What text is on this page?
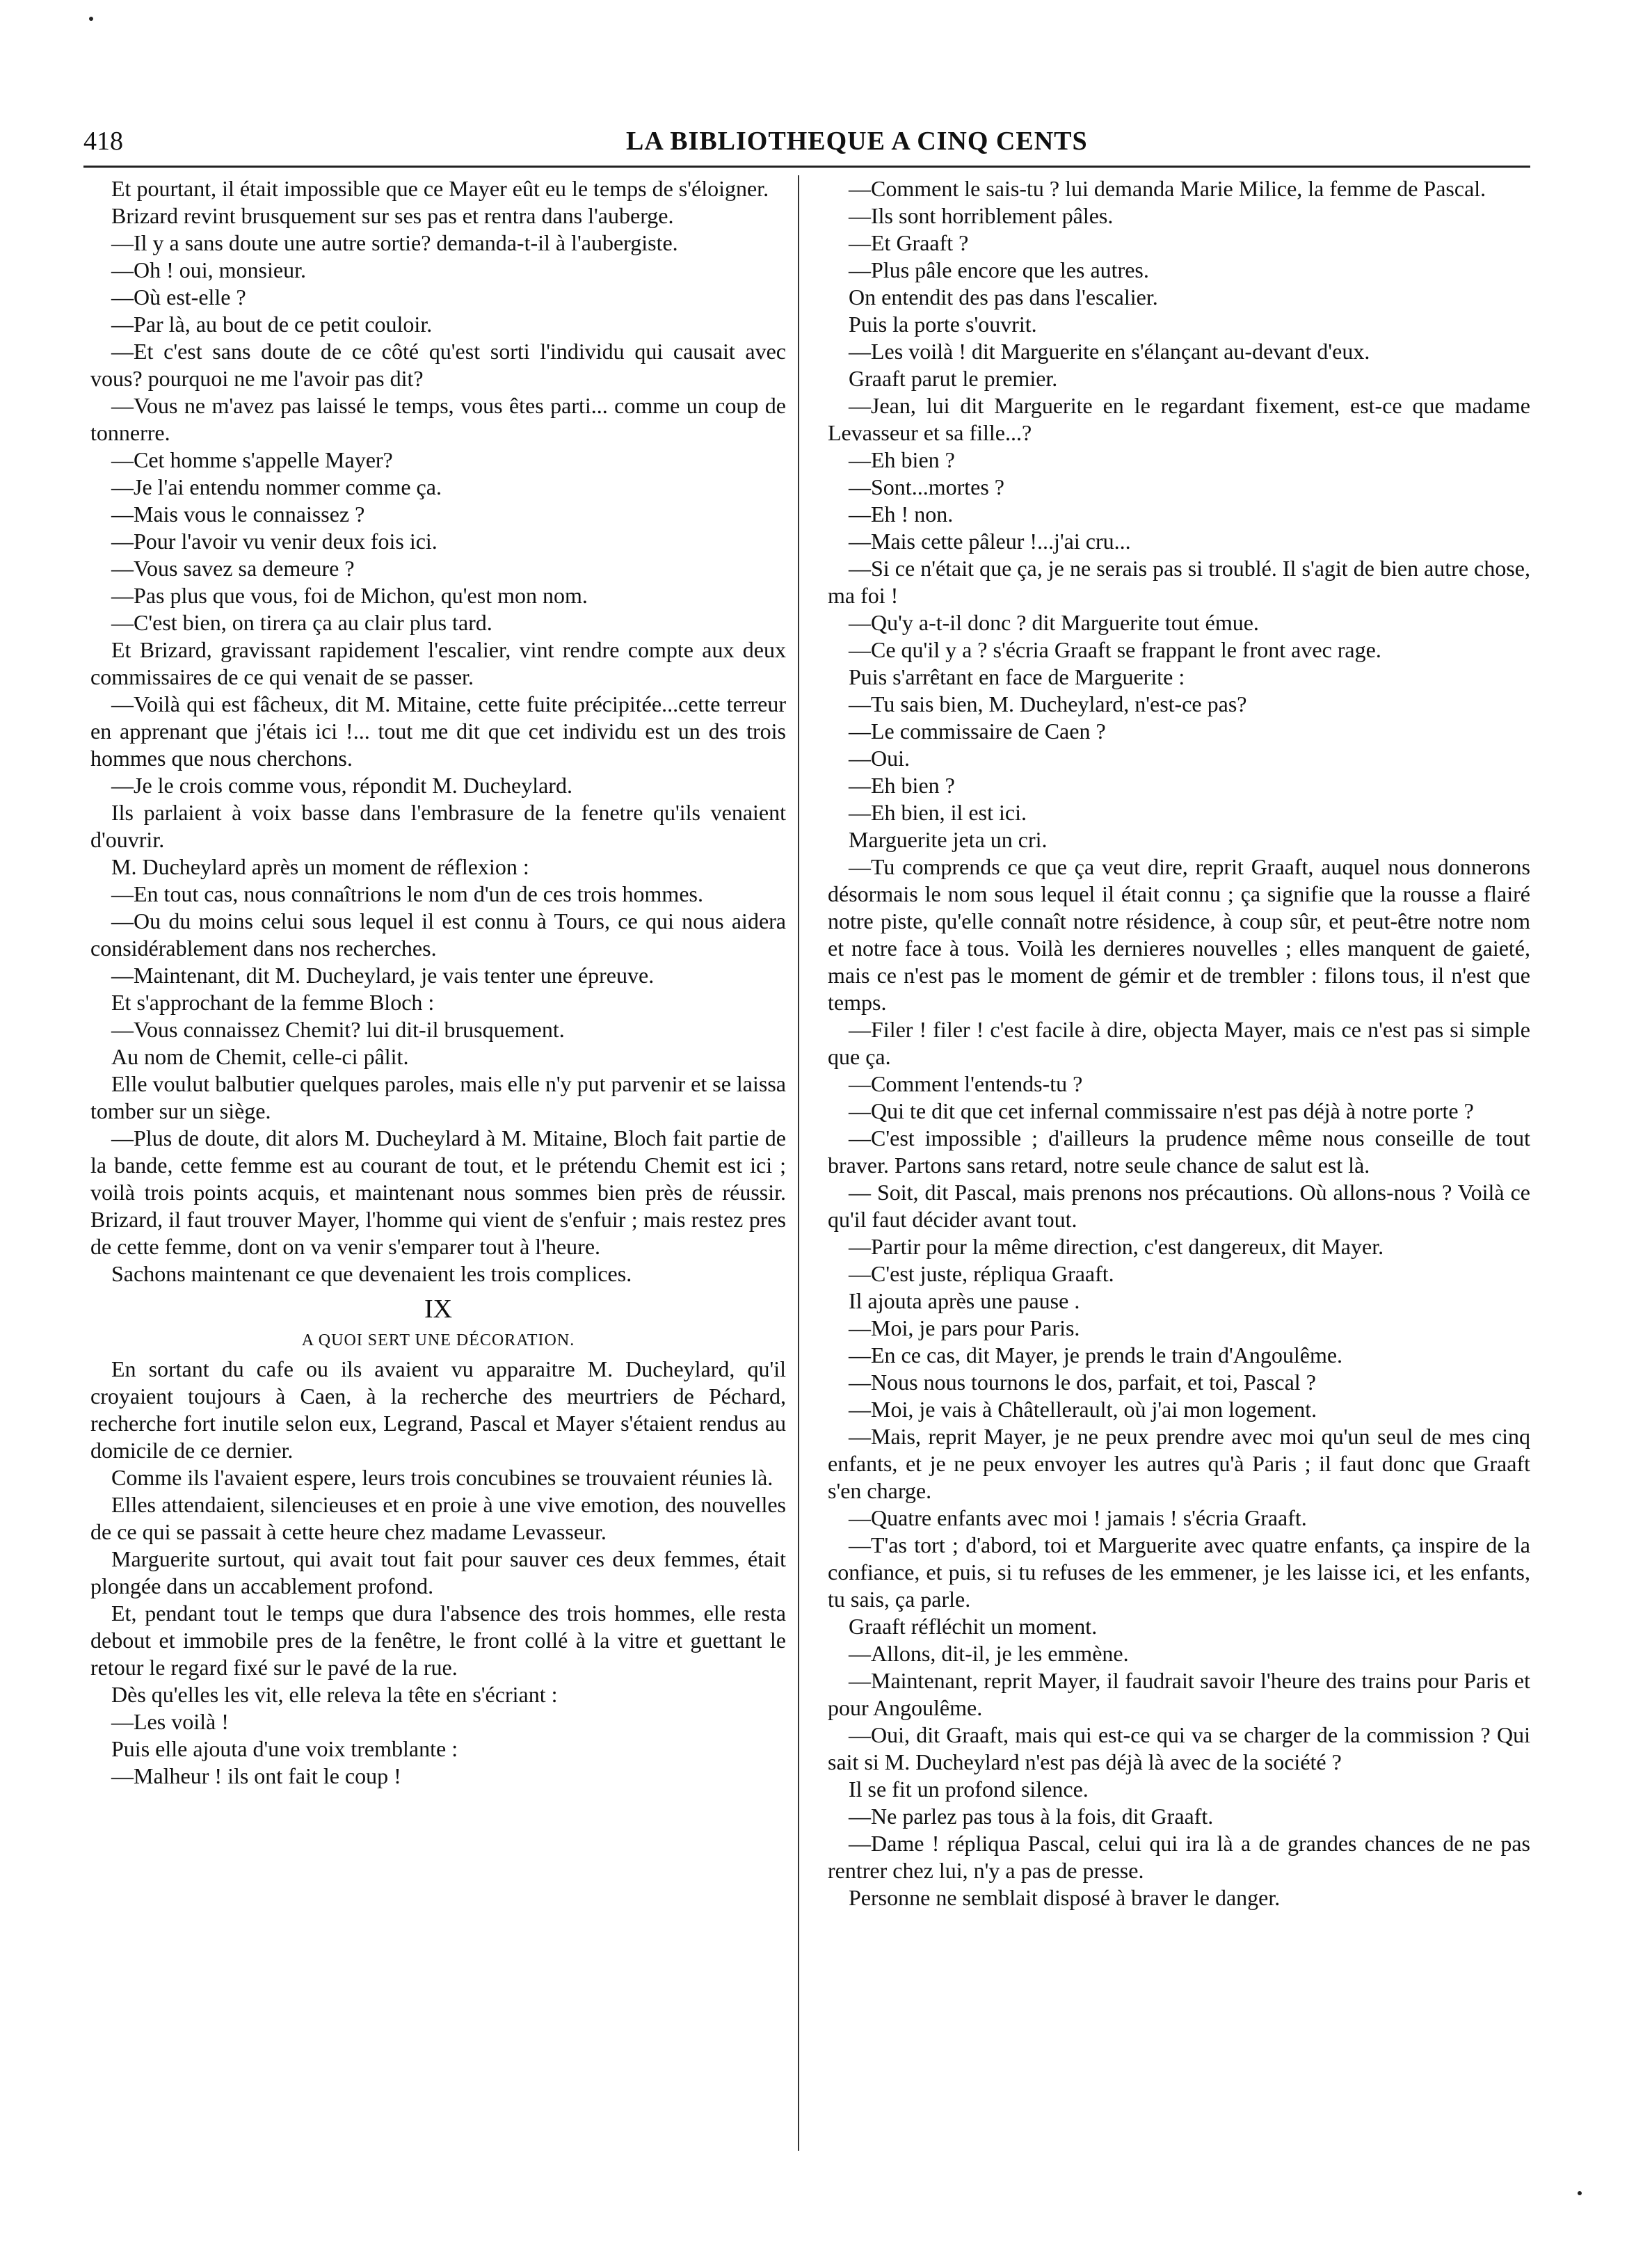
418	LA BIBLIOTHEQUE A CINQ CENTS

Et pourtant, il était impossible que ce Mayer eût eu le temps de s'éloigner.

Brizard revint brusquement sur ses pas et rentra dans l'auberge.

—Il y a sans doute une autre sortie? demanda-t-il à l'aubergiste.

—Oh ! oui, monsieur.

—Où est-elle ?

—Par là, au bout de ce petit couloir.

—Et c'est sans doute de ce côté qu'est sorti l'individu qui causait avec vous? pourquoi ne me l'avoir pas dit?

—Vous ne m'avez pas laissé le temps, vous êtes parti... comme un coup de tonnerre.

—Cet homme s'appelle Mayer?

—Je l'ai entendu nommer comme ça.

—Mais vous le connaissez ?

—Pour l'avoir vu venir deux fois ici.

—Vous savez sa demeure ?

—Pas plus que vous, foi de Michon, qu'est mon nom.

—C'est bien, on tirera ça au clair plus tard.

Et Brizard, gravissant rapidement l'escalier, vint rendre compte aux deux commissaires de ce qui venait de se passer.

—Voilà qui est fâcheux, dit M. Mitaine, cette fuite précipitée...cette terreur en apprenant que j'étais ici !... tout me dit que cet individu est un des trois hommes que nous cherchons.

—Je le crois comme vous, répondit M. Ducheylard.

Ils parlaient à voix basse dans l'embrasure de la fenetre qu'ils venaient d'ouvrir.

M. Ducheylard après un moment de réflexion :

—En tout cas, nous connaîtrions le nom d'un de ces trois hommes.

—Ou du moins celui sous lequel il est connu à Tours, ce qui nous aidera considérablement dans nos recherches.

—Maintenant, dit M. Ducheylard, je vais tenter une épreuve.

Et s'approchant de la femme Bloch :

—Vous connaissez Chemit? lui dit-il brusquement.

Au nom de Chemit, celle-ci pâlit.

Elle voulut balbutier quelques paroles, mais elle n'y put parvenir et se laissa tomber sur un siège.

—Plus de doute, dit alors M. Ducheylard à M. Mitaine, Bloch fait partie de la bande, cette femme est au courant de tout, et le prétendu Chemit est ici ; voilà trois points acquis, et maintenant nous sommes bien près de réussir. Brizard, il faut trouver Mayer, l'homme qui vient de s'enfuir ; mais restez pres de cette femme, dont on va venir s'emparer tout à l'heure.

Sachons maintenant ce que devenaient les trois complices.

IX
A QUOI SERT UNE DÉCORATION.

En sortant du cafe ou ils avaient vu apparaitre M. Ducheylard, qu'il croyaient toujours à Caen, à la recherche des meurtriers de Péchard, recherche fort inutile selon eux, Legrand, Pascal et Mayer s'étaient rendus au domicile de ce dernier.

Comme ils l'avaient espere, leurs trois concubines se trouvaient réunies là.

Elles attendaient, silencieuses et en proie à une vive emotion, des nouvelles de ce qui se passait à cette heure chez madame Levasseur.

Marguerite surtout, qui avait tout fait pour sauver ces deux femmes, était plongée dans un accablement profond.

Et, pendant tout le temps que dura l'absence des trois hommes, elle resta debout et immobile pres de la fenêtre, le front collé à la vitre et guettant le retour le regard fixé sur le pavé de la rue.

Dès qu'elles les vit, elle releva la tête en s'écriant :

—Les voilà !

Puis elle ajouta d'une voix tremblante :

—Malheur ! ils ont fait le coup !

—Comment le sais-tu ? lui demanda Marie Milice, la femme de Pascal.

—Ils sont horriblement pâles.

—Et Graaft ?

—Plus pâle encore que les autres.

On entendit des pas dans l'escalier.

Puis la porte s'ouvrit.

—Les voilà ! dit Marguerite en s'élançant au-devant d'eux.

Graaft parut le premier.

—Jean, lui dit Marguerite en le regardant fixement, est-ce que madame Levasseur et sa fille...?

—Eh bien ?

—Sont...mortes ?

—Eh ! non.

—Mais cette pâleur !...j'ai cru...

—Si ce n'était que ça, je ne serais pas si troublé. Il s'agit de bien autre chose, ma foi !

—Qu'y a-t-il donc ? dit Marguerite tout émue.

—Ce qu'il y a ? s'écria Graaft se frappant le front avec rage.

Puis s'arrêtant en face de Marguerite :

—Tu sais bien, M. Ducheylard, n'est-ce pas?

—Le commissaire de Caen ?

—Oui.

—Eh bien ?

—Eh bien, il est ici.

Marguerite jeta un cri.

—Tu comprends ce que ça veut dire, reprit Graaft, auquel nous donnerons désormais le nom sous lequel il était connu ; ça signifie que la rousse a flairé notre piste, qu'elle connaît notre résidence, à coup sûr, et peut-être notre nom et notre face à tous. Voilà les dernieres nouvelles ; elles manquent de gaieté, mais ce n'est pas le moment de gémir et de trembler : filons tous, il n'est que temps.

—Filer ! filer ! c'est facile à dire, objecta Mayer, mais ce n'est pas si simple que ça.

—Comment l'entends-tu ?

—Qui te dit que cet infernal commissaire n'est pas déjà à notre porte ?

—C'est impossible ; d'ailleurs la prudence même nous conseille de tout braver. Partons sans retard, notre seule chance de salut est là.

— Soit, dit Pascal, mais prenons nos précautions. Où allons-nous ? Voilà ce qu'il faut décider avant tout.

—Partir pour la même direction, c'est dangereux, dit Mayer.

—C'est juste, répliqua Graaft.

Il ajouta après une pause .

—Moi, je pars pour Paris.

—En ce cas, dit Mayer, je prends le train d'Angoulême.

—Nous nous tournons le dos, parfait, et toi, Pascal ?

—Moi, je vais à Châtellerault, où j'ai mon logement.

—Mais, reprit Mayer, je ne peux prendre avec moi qu'un seul de mes cinq enfants, et je ne peux envoyer les autres qu'à Paris ; il faut donc que Graaft s'en charge.

—Quatre enfants avec moi ! jamais ! s'écria Graaft.

—T'as tort ; d'abord, toi et Marguerite avec quatre enfants, ça inspire de la confiance, et puis, si tu refuses de les emmener, je les laisse ici, et les enfants, tu sais, ça parle.

Graaft réfléchit un moment.

—Allons, dit-il, je les emmène.

—Maintenant, reprit Mayer, il faudrait savoir l'heure des trains pour Paris et pour Angoulême.

—Oui, dit Graaft, mais qui est-ce qui va se charger de la commission ? Qui sait si M. Ducheylard n'est pas déjà là avec de la société ?

Il se fit un profond silence.

—Ne parlez pas tous à la fois, dit Graaft.

—Dame ! répliqua Pascal, celui qui ira là a de grandes chances de ne pas rentrer chez lui, n'y a pas de presse.

Personne ne semblait disposé à braver le danger.
